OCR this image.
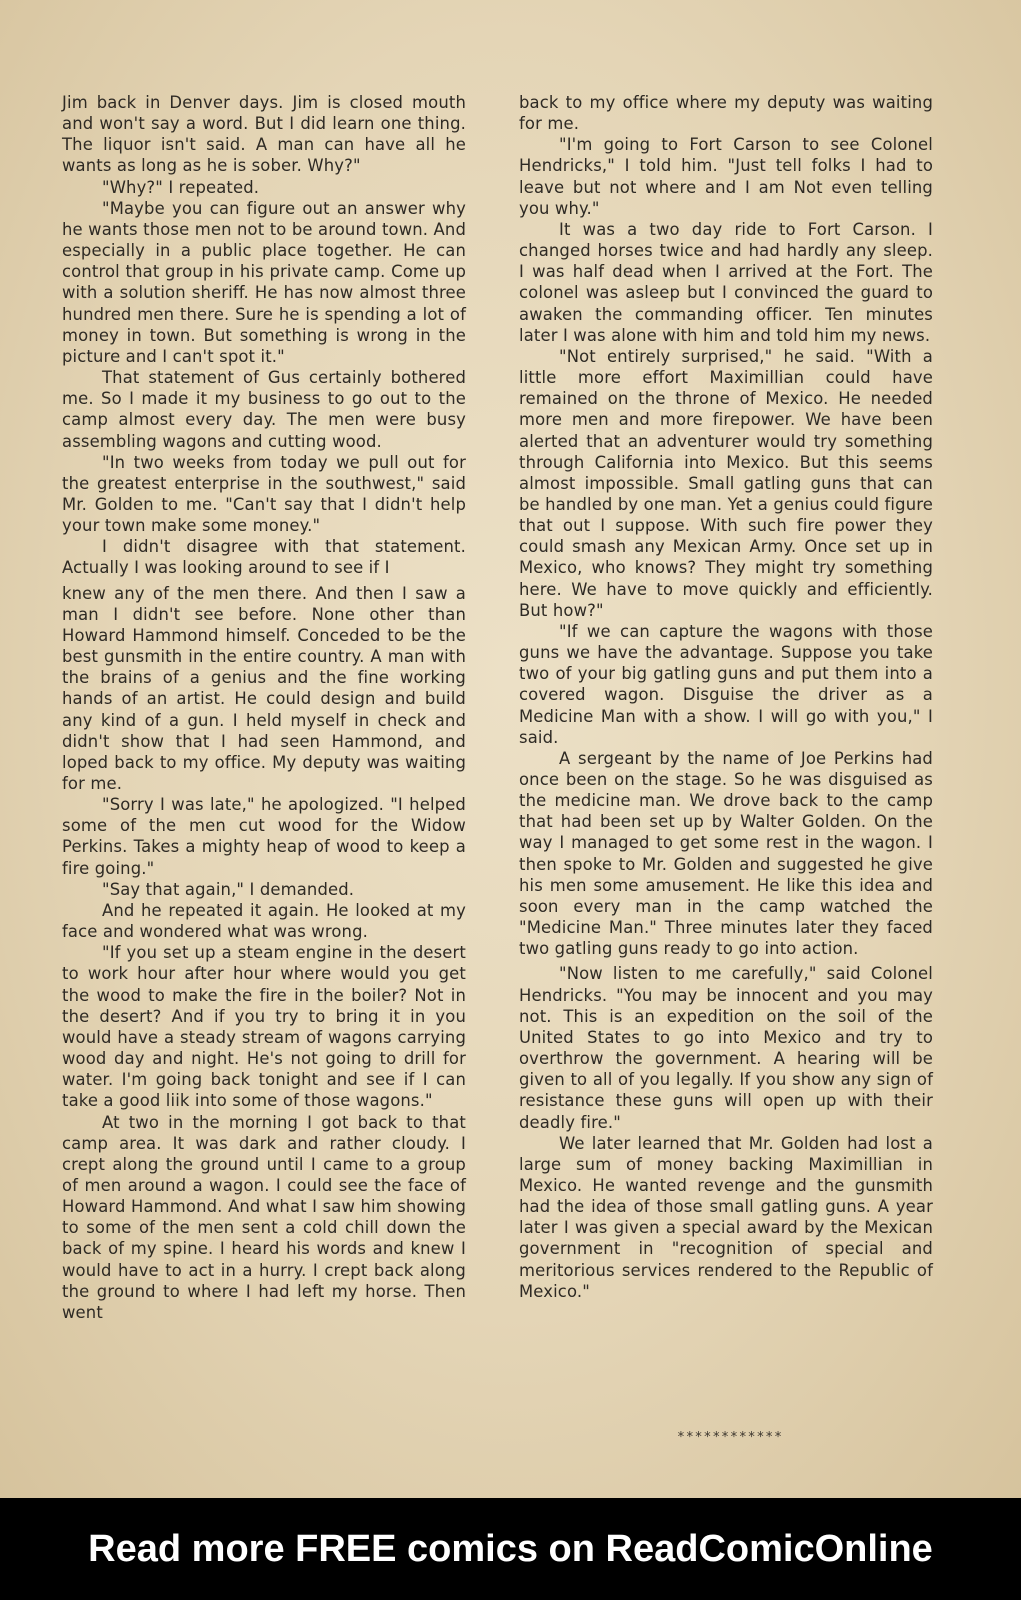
Jim back in Denver days. Jim is closed mouth and won't say a word. But I did learn one thing. The liquor isn't said. A man can have all he wants as long as he is sober. Why?"

"Why?" I repeated.

"Maybe you can figure out an answer why he wants those men not to be around town. And especially in a public place together. He can control that group in his private camp. Come up with a solution sheriff. He has now almost three hundred men there. Sure he is spending a lot of money in town. But something is wrong in the picture and I can't spot it."

That statement of Gus certainly bothered me. So I made it my business to go out to the camp almost every day. The men were busy assembling wagons and cutting wood.

"In two weeks from today we pull out for the greatest enterprise in the southwest," said Mr. Golden to me. "Can't say that I didn't help your town make some money."

I didn't disagree with that statement. Actually I was looking around to see if I

knew any of the men there. And then I saw a man I didn't see before. None other than Howard Hammond himself. Conceded to be the best gunsmith in the entire country. A man with the brains of a genius and the fine working hands of an artist. He could design and build any kind of a gun. I held myself in check and didn't show that I had seen Hammond, and loped back to my office. My deputy was waiting for me.

"Sorry I was late," he apologized. "I helped some of the men cut wood for the Widow Perkins. Takes a mighty heap of wood to keep a fire going."

"Say that again," I demanded.

And he repeated it again. He looked at my face and wondered what was wrong.

"If you set up a steam engine in the desert to work hour after hour where would you get the wood to make the fire in the boiler? Not in the desert? And if you try to bring it in you would have a steady stream of wagons carrying wood day and night. He's not going to drill for water. I'm going back tonight and see if I can take a good liik into some of those wagons."

At two in the morning I got back to that camp area. It was dark and rather cloudy. I crept along the ground until I came to a group of men around a wagon. I could see the face of Howard Hammond. And what I saw him showing to some of the men sent a cold chill down the back of my spine. I heard his words and knew I would have to act in a hurry. I crept back along the ground to where I had left my horse. Then went

back to my office where my deputy was waiting for me.

"I'm going to Fort Carson to see Colonel Hendricks," I told him. "Just tell folks I had to leave but not where and I am Not even telling you why."

It was a two day ride to Fort Carson. I changed horses twice and had hardly any sleep. I was half dead when I arrived at the Fort. The colonel was asleep but I convinced the guard to awaken the commanding officer. Ten minutes later I was alone with him and told him my news.

"Not entirely surprised," he said. "With a little more effort Maximillian could have remained on the throne of Mexico. He needed more men and more firepower. We have been alerted that an adventurer would try something through California into Mexico. But this seems almost impossible. Small gatling guns that can be handled by one man. Yet a genius could figure that out I suppose. With such fire power they could smash any Mexican Army. Once set up in Mexico, who knows? They might try something here. We have to move quickly and efficiently. But how?"

"If we can capture the wagons with those guns we have the advantage. Suppose you take two of your big gatling guns and put them into a covered wagon. Disguise the driver as a Medicine Man with a show. I will go with you," I said.

A sergeant by the name of Joe Perkins had once been on the stage. So he was disguised as the medicine man. We drove back to the camp that had been set up by Walter Golden. On the way I managed to get some rest in the wagon. I then spoke to Mr. Golden and suggested he give his men some amusement. He like this idea and soon every man in the camp watched the "Medicine Man." Three minutes later they faced two gatling guns ready to go into action.

"Now listen to me carefully," said Colonel Hendricks. "You may be innocent and you may not. This is an expedition on the soil of the United States to go into Mexico and try to overthrow the government. A hearing will be given to all of you legally. If you show any sign of resistance these guns will open up with their deadly fire."

We later learned that Mr. Golden had lost a large sum of money backing Maximillian in Mexico. He wanted revenge and the gunsmith had the idea of those small gatling guns. A year later I was given a special award by the Mexican government in "recognition of special and meritorious services rendered to the Republic of Mexico."

************
Read more FREE comics on ReadComicOnline
